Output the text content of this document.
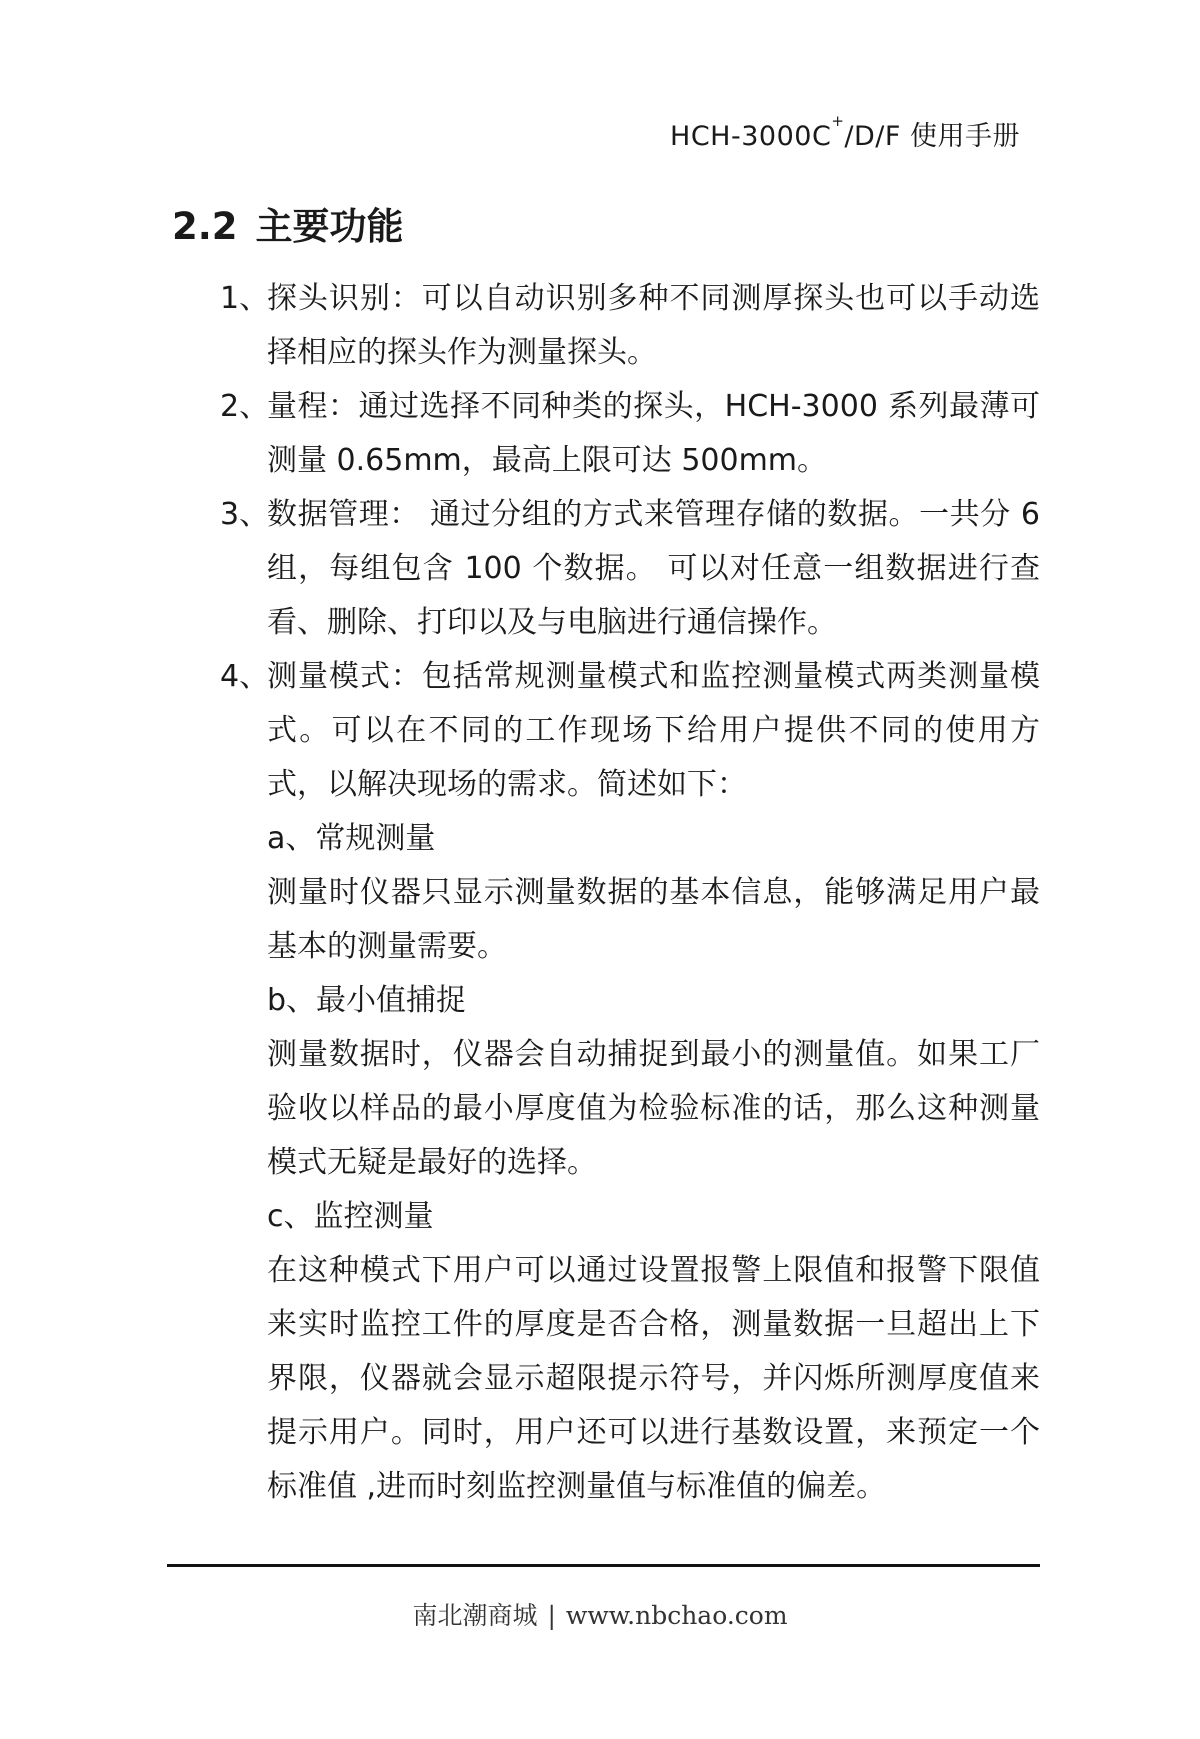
HCH-3000C+/D/F 使用手册
2.2 主要功能
1、
探头识别：可以自动识别多种不同测厚探头也可以手动选择相应的探头作为测量探头。
2、
量程：通过选择不同种类的探头，HCH-3000 系列最薄可测量 0.65mm，最高上限可达 500mm。
3、
数据管理： 通过分组的方式来管理存储的数据。一共分 6 组，每组包含 100 个数据。 可以对任意一组数据进行查看、删除、打印以及与电脑进行通信操作。
4、
测量模式：包括常规测量模式和监控测量模式两类测量模式。可以在不同的工作现场下给用户提供不同的使用方式，以解决现场的需求。简述如下：
a、常规测量
测量时仪器只显示测量数据的基本信息，能够满足用户最基本的测量需要。
b、最小值捕捉
测量数据时，仪器会自动捕捉到最小的测量值。如果工厂验收以样品的最小厚度值为检验标准的话，那么这种测量模式无疑是最好的选择。
c、监控测量
在这种模式下用户可以通过设置报警上限值和报警下限值来实时监控工件的厚度是否合格，测量数据一旦超出上下界限，仪器就会显示超限提示符号，并闪烁所测厚度值来提示用户。同时，用户还可以进行基数设置，来预定一个标准值 ,进而时刻监控测量值与标准值的偏差。
南北潮商城 | www.nbchao.com
